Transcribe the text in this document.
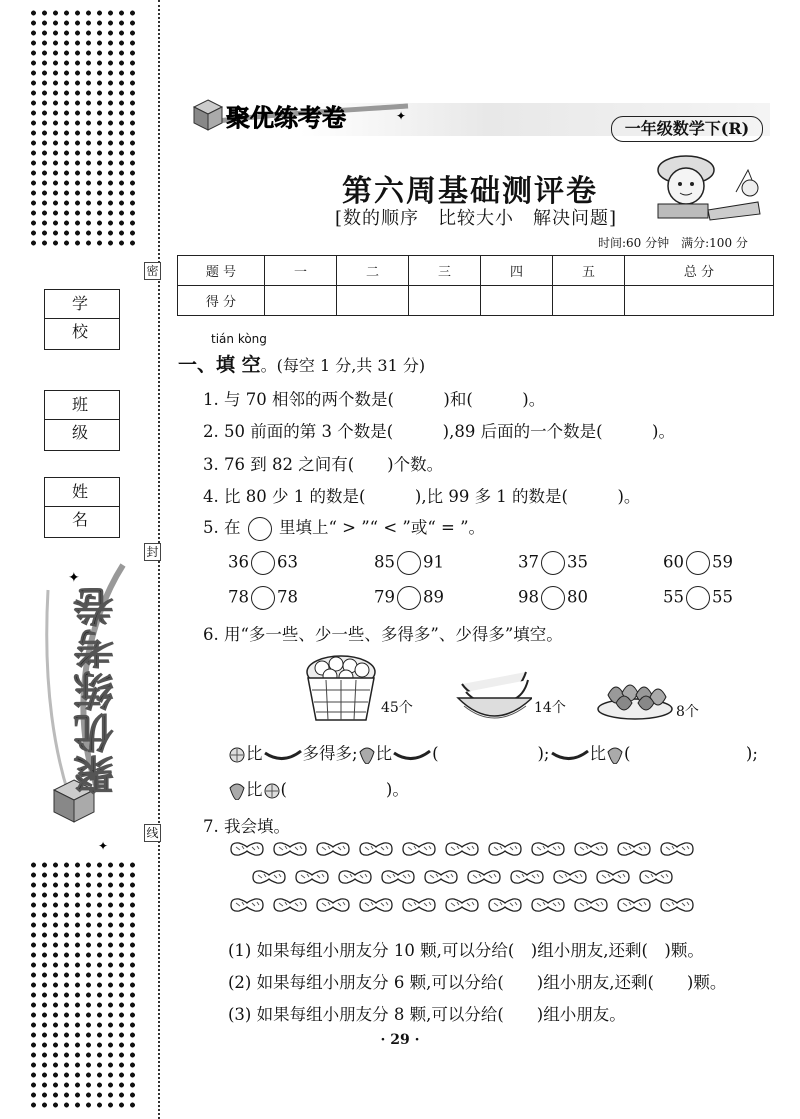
密
封
线
学 校
班 级
姓 名
✦
✦
聚优练考卷
✦
聚优练考卷	一年级数学下(R)
第六周基础测评卷
[数的顺序　比较大小　解决问题]
时间:60 分钟　满分:100 分
题 号	一	二	三	四	五	总 分
得 分						
tián kòng
一、填 空。(每空 1 分,共 31 分)
1. 与 70 相邻的两个数是(　　　)和(　　　)。
2. 50 前面的第 3 个数是(　　　),89 后面的一个数是(　　　)。
3. 76 到 82 之间有(　　)个数。
4. 比 80 少 1 的数是(　　　),比 99 多 1 的数是(　　　)。
5. 在 里填上“ > ”“ < ”或“ = ”。
36 63	85 91	37 35	60 59
78 78	79 89	98 80	55 55
6. 用“多一些、少一些、多得多”、少得多”填空。
45个	14个	8个
比 多得多; 比 (　　　　　　); 比 (　　　　　　　);
比 (　　　　　　)。
7. 我会填。
(1) 如果每组小朋友分 10 颗,可以分给(　)组小朋友,还剩(　)颗。
(2) 如果每组小朋友分 6 颗,可以分给(　　)组小朋友,还剩(　　)颗。
(3) 如果每组小朋友分 8 颗,可以分给(　　)组小朋友。
· 29 ·
